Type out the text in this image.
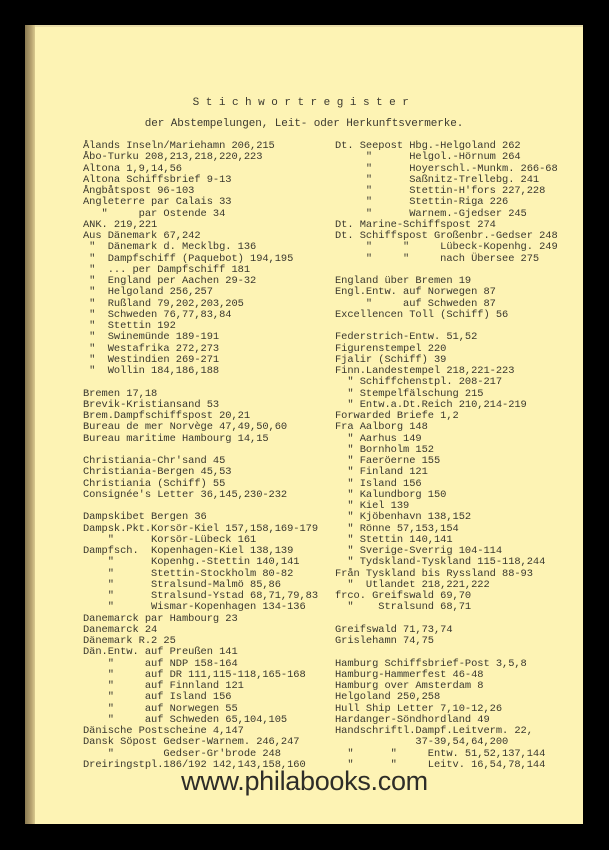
Stichwortregister
der Abstempelungen, Leit- oder Herkunftsvermerke.
Ålands Inseln/Mariehamn 206,215
Åbo-Turku 208,213,218,220,223
Altona 1,9,14,56
Altona Schiffsbrief 9-13
Ångbåtspost 96-103
Angleterre par Calais 33
"     par Ostende 34
ANK. 219,221
Aus Dänemark 67,242
"  Dänemark d. Mecklbg. 136
"  Dampfschiff (Paquebot) 194,195
"  ... per Dampfschiff 181
"  England per Aachen 29-32
"  Helgoland 256,257
"  Rußland 79,202,203,205
"  Schweden 76,77,83,84
"  Stettin 192
"  Swinemünde 189-191
"  Westafrika 272,273
"  Westindien 269-271
"  Wollin 184,186,188
Bremen 17,18
Brevik-Kristiansand 53
Brem.Dampfschiffspost 20,21
Bureau de mer Norvège 47,49,50,60
Bureau maritime Hambourg 14,15
Christiania-Chr'sand 45
Christiania-Bergen 45,53
Christiania (Schiff) 55
Consignée's Letter 36,145,230-232
Dampskibet Bergen 36
Dampsk.Pkt.Korsör-Kiel 157,158,169-179
"      Korsör-Lübeck 161
Dampfsch.  Kopenhagen-Kiel 138,139
"      Kopenhg.-Stettin 140,141
"      Stettin-Stockholm 80-82
"      Stralsund-Malmö 85,86
"      Stralsund-Ystad 68,71,79,83
"      Wismar-Kopenhagen 134-136
Danemarck par Hambourg 23
Danemarck 24
Dänemark R.2 25
Dän.Entw. auf Preußen 141
"     auf NDP 158-164
"     auf DR 111,115-118,165-168
"     auf Finnland 121
"     auf Island 156
"     auf Norwegen 55
"     auf Schweden 65,104,105
Dänische Postscheine 4,147
Dansk Söpost Gedser-Warnem. 246,247
"        Gedser-Gr'brode 248
Dreiringstpl.186/192 142,143,158,160
Dt. Seepost Hbg.-Helgoland 262
"      Helgol.-Hörnum 264
"      Hoyerschl.-Munkm. 266-68
"      Saßnitz-Trellebg. 241
"      Stettin-H'fors 227,228
"      Stettin-Riga 226
"      Warnem.-Gjedser 245
Dt. Marine-Schiffspost 274
Dt. Schiffspost Großenbr.-Gedser 248
"     "     Lübeck-Kopenhg. 249
"     "     nach Übersee 275
England über Bremen 19
Engl.Entw. auf Norwegen 87
"     auf Schweden 87
Excellencen Toll (Schiff) 56
Federstrich-Entw. 51,52
Figurenstempel 220
Fjalir (Schiff) 39
Finn.Landestempel 218,221-223
" Schiffchenstpl. 208-217
" Stempelfälschung 215
" Entw.a.Dt.Reich 210,214-219
Forwarded Briefe 1,2
Fra Aalborg 148
" Aarhus 149
" Bornholm 152
" Faeröerne 155
" Finland 121
" Island 156
" Kalundborg 150
" Kiel 139
" Kjöbenhavn 138,152
" Rönne 57,153,154
" Stettin 140,141
" Sverige-Sverrig 104-114
" Tydskland-Tyskland 115-118,244
Från Tyskland bis Ryssland 88-93
"  Utlandet 218,221,222
frco. Greifswald 69,70
"    Stralsund 68,71
Greifswald 71,73,74
Grislehamn 74,75
Hamburg Schiffsbrief-Post 3,5,8
Hamburg-Hammerfest 46-48
Hamburg over Amsterdam 8
Helgoland 250,258
Hull Ship Letter 7,10-12,26
Hardanger-Söndhordland 49
Handschriftl.Dampf.Leitverm. 22,
37-39,54,64,200
"      "     Entw. 51,52,137,144
"      "     Leitv. 16,54,78,144
www.philabooks.com
